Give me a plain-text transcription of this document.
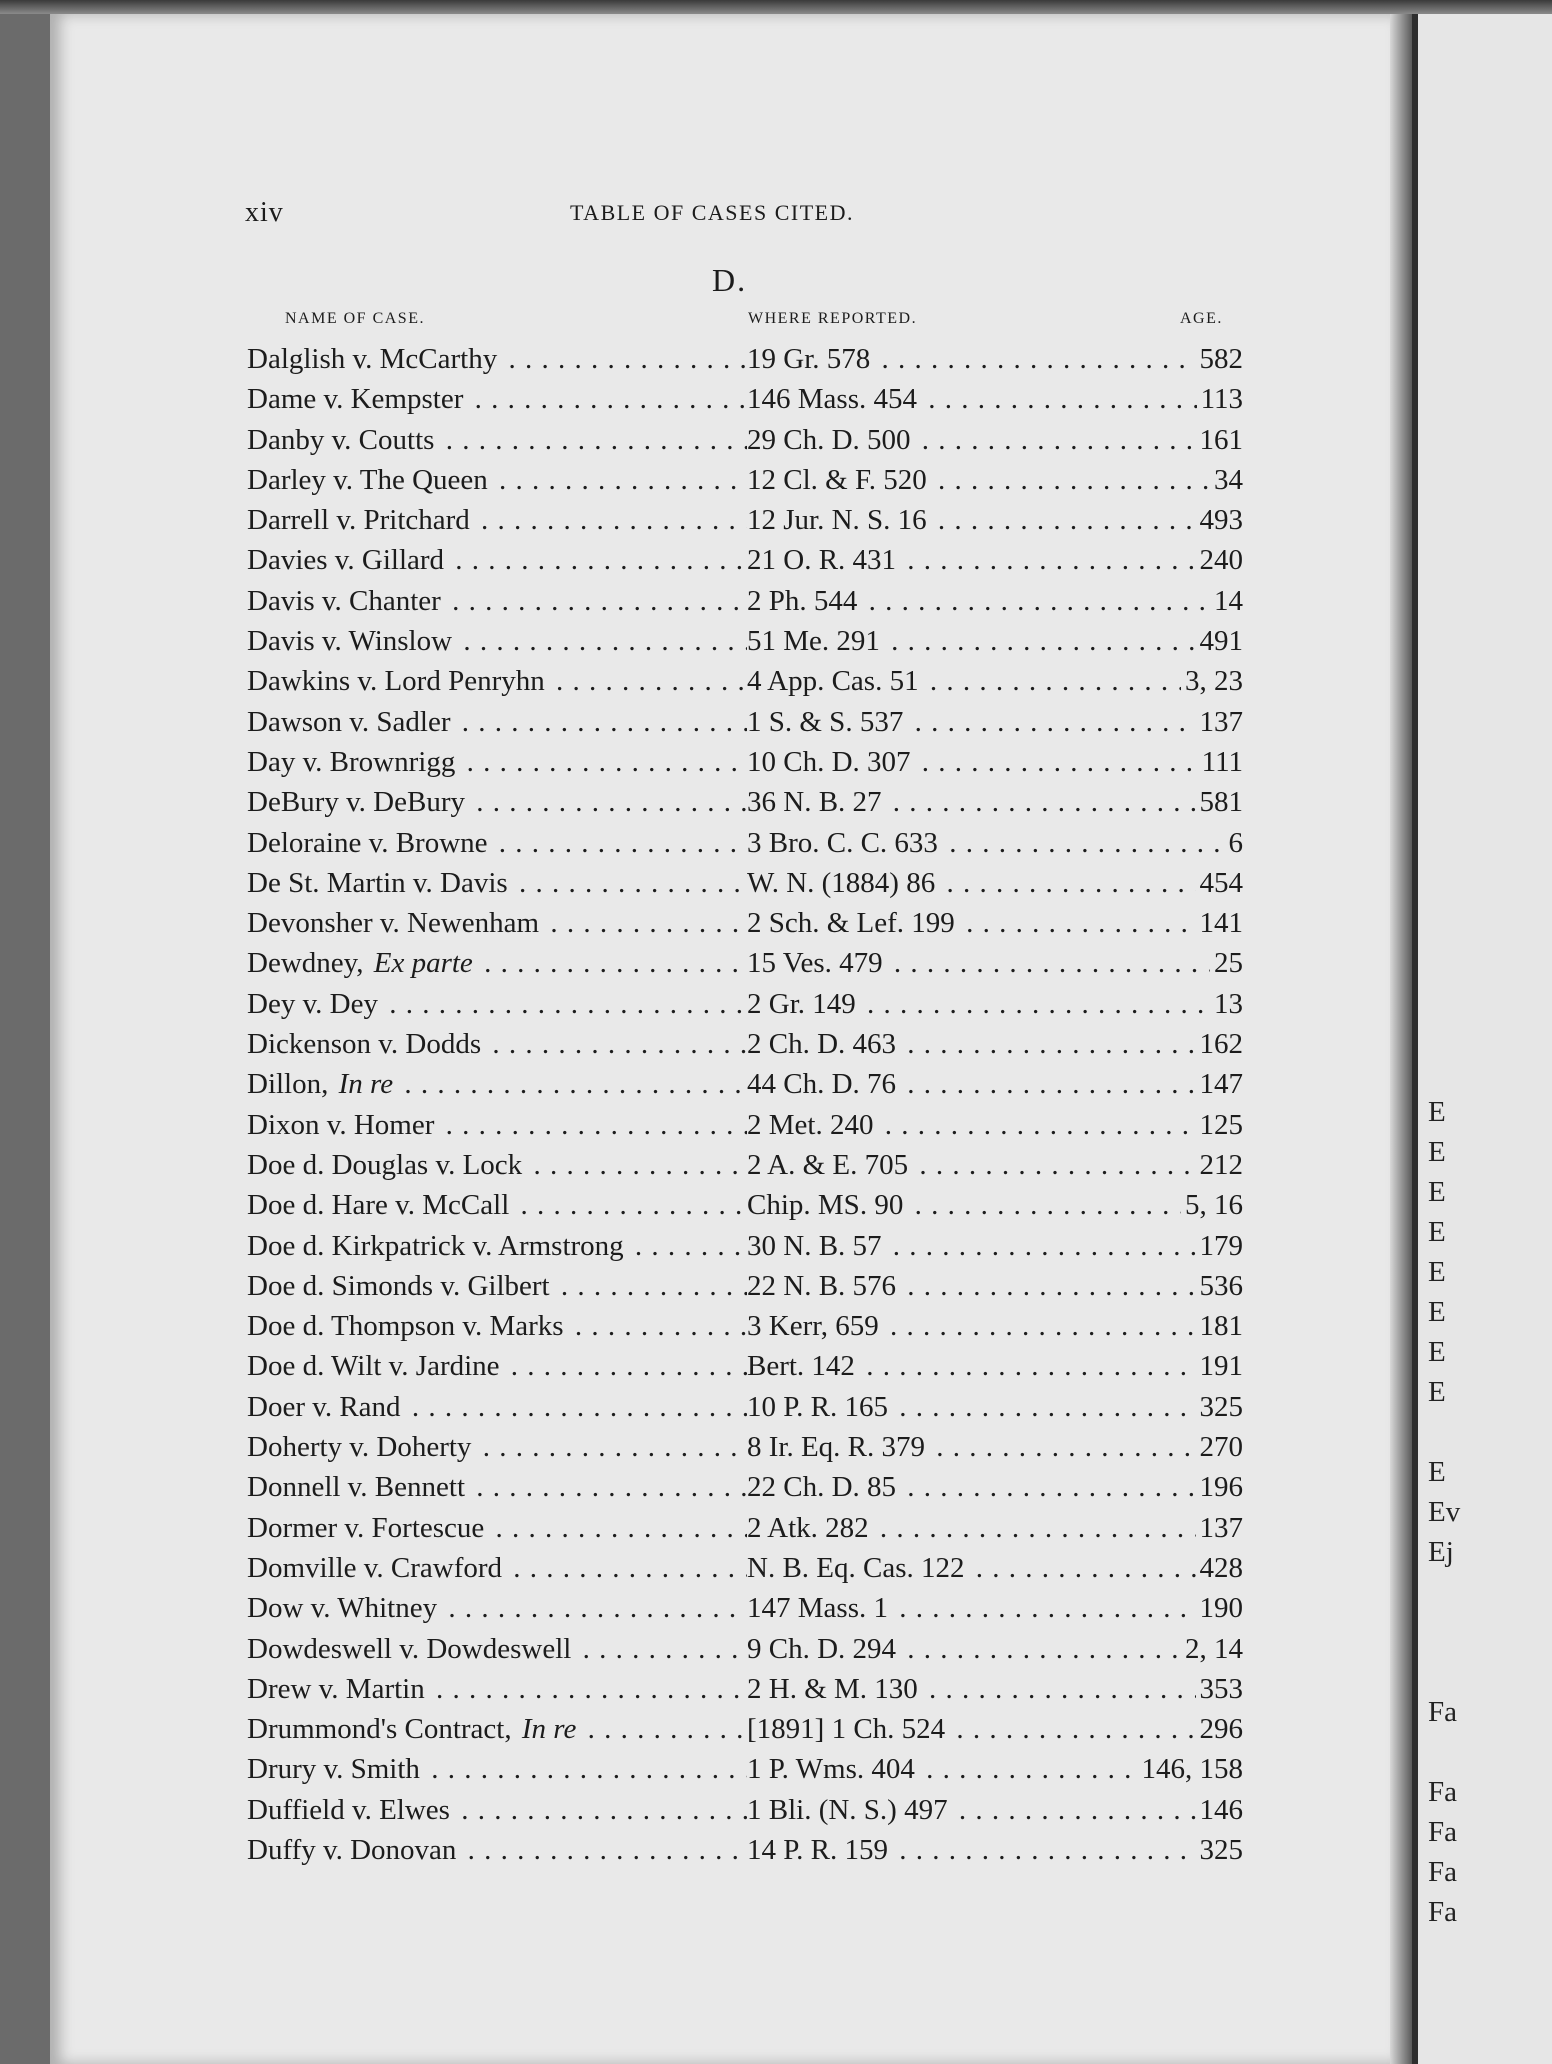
E
E
E
E
E
E
E
E
E
Ev
Ej
Fa
Fa
Fa
Fa
Fa
xiv	TABLE OF CASES CITED.
D.
NAME OF CASE.	WHERE REPORTED.	AGE.
Dalglish v. McCarthy . . .	19 Gr. 578 . . .	582
Dame v. Kempster . . .	146 Mass. 454 . . .	113
Danby v. Coutts . . .	29 Ch. D. 500 . . .	161
Darley v. The Queen . . .	12 Cl. & F. 520 . . .	34
Darrell v. Pritchard . . .	12 Jur. N. S. 16 . . .	493
Davies v. Gillard . . .	21 O. R. 431 . . .	240
Davis v. Chanter . . .	2 Ph. 544 . . .	14
Davis v. Winslow . . .	51 Me. 291 . . .	491
Dawkins v. Lord Penryhn . . .	4 App. Cas. 51 . . .	3, 23
Dawson v. Sadler . . .	1 S. & S. 537 . . .	137
Day v. Brownrigg . . .	10 Ch. D. 307 . . .	111
DeBury v. DeBury . . .	36 N. B. 27 . . .	581
Deloraine v. Browne . . .	3 Bro. C. C. 633 . . .	6
De St. Martin v. Davis . . .	W. N. (1884) 86 . . .	454
Devonsher v. Newenham . . .	2 Sch. & Lef. 199 . . .	141
Dewdney, Ex parte . . .	15 Ves. 479 . . .	25
Dey v. Dey . . .	2 Gr. 149 . . .	13
Dickenson v. Dodds . . .	2 Ch. D. 463 . . .	162
Dillon, In re . . .	44 Ch. D. 76 . . .	147
Dixon v. Homer . . .	2 Met. 240 . . .	125
Doe d. Douglas v. Lock . . .	2 A. & E. 705 . . .	212
Doe d. Hare v. McCall . . .	Chip. MS. 90 . . .	5, 16
Doe d. Kirkpatrick v. Armstrong . . .	30 N. B. 57 . . .	179
Doe d. Simonds v. Gilbert . . .	22 N. B. 576 . . .	536
Doe d. Thompson v. Marks . . .	3 Kerr, 659 . . .	181
Doe d. Wilt v. Jardine . . .	Bert. 142 . . .	191
Doer v. Rand . . .	10 P. R. 165 . . .	325
Doherty v. Doherty . . .	8 Ir. Eq. R. 379 . . .	270
Donnell v. Bennett . . .	22 Ch. D. 85 . . .	196
Dormer v. Fortescue . . .	2 Atk. 282 . . .	137
Domville v. Crawford . . .	N. B. Eq. Cas. 122 . . .	428
Dow v. Whitney . . .	147 Mass. 1 . . .	190
Dowdeswell v. Dowdeswell . . .	9 Ch. D. 294 . . .	2, 14
Drew v. Martin . . .	2 H. & M. 130 . . .	353
Drummond's Contract, In re . . .	[1891] 1 Ch. 524 . . .	296
Drury v. Smith . . .	1 P. Wms. 404 . . .	146, 158
Duffield v. Elwes . . .	1 Bli. (N. S.) 497 . . .	146
Duffy v. Donovan . . .	14 P. R. 159 . . .	325
